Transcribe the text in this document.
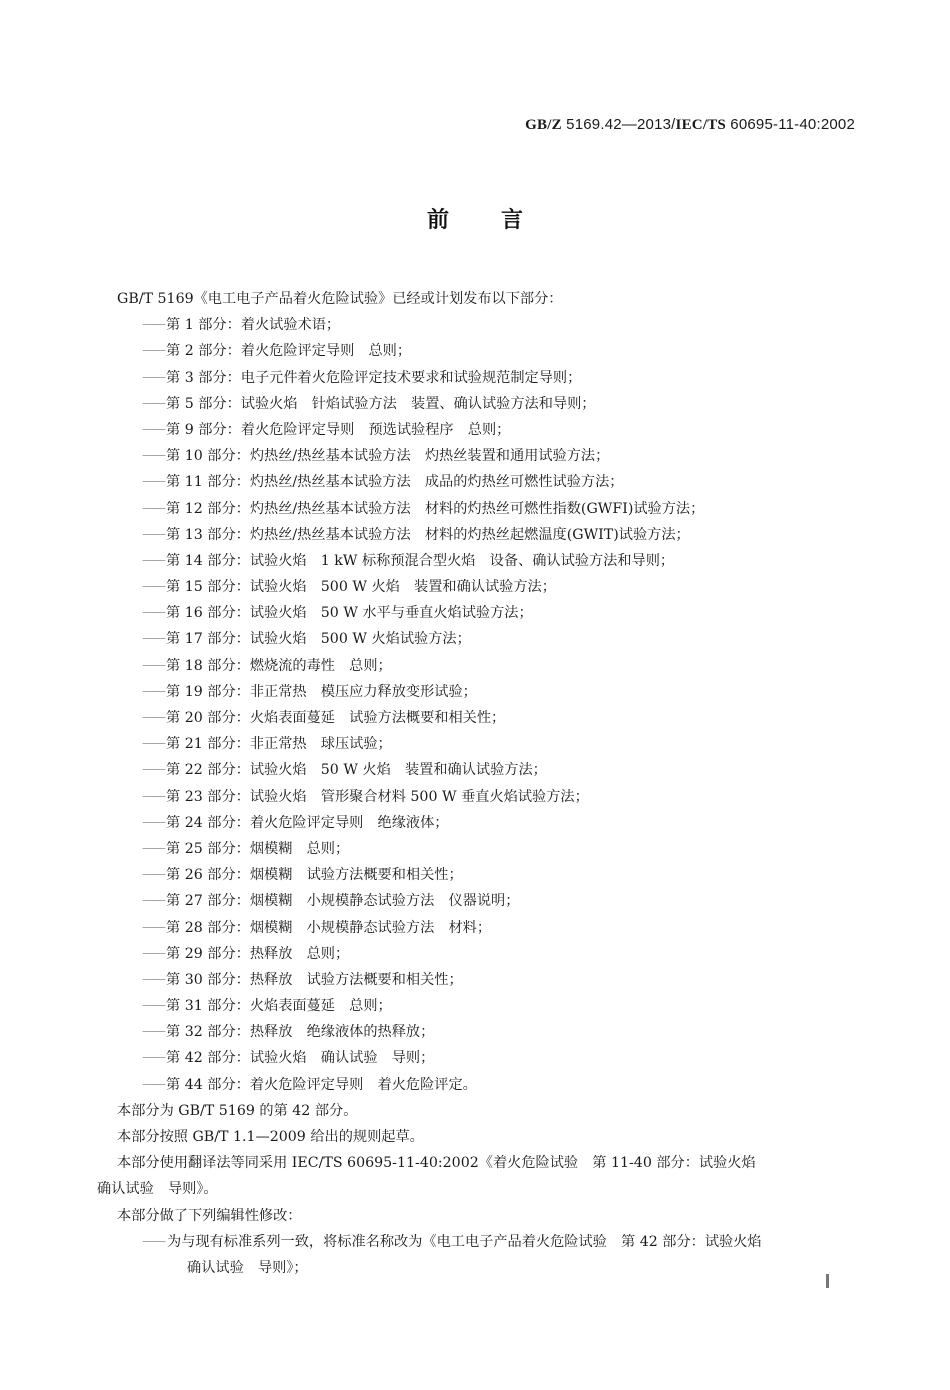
GB/Z 5169.42—2013/IEC/TS 60695-11-40:2002
前言
GB/T 5169《电工电子产品着火危险试验》已经或计划发布以下部分：
—— 第 1 部分：着火试验术语；
—— 第 2 部分：着火危险评定导则　总则；
—— 第 3 部分：电子元件着火危险评定技术要求和试验规范制定导则；
—— 第 5 部分：试验火焰　针焰试验方法　装置、确认试验方法和导则；
—— 第 9 部分：着火危险评定导则　预选试验程序　总则；
—— 第 10 部分：灼热丝/热丝基本试验方法　灼热丝装置和通用试验方法；
—— 第 11 部分：灼热丝/热丝基本试验方法　成品的灼热丝可燃性试验方法；
—— 第 12 部分：灼热丝/热丝基本试验方法　材料的灼热丝可燃性指数(GWFI)试验方法；
—— 第 13 部分：灼热丝/热丝基本试验方法　材料的灼热丝起燃温度(GWIT)试验方法；
—— 第 14 部分：试验火焰　1 kW 标称预混合型火焰　设备、确认试验方法和导则；
—— 第 15 部分：试验火焰　500 W 火焰　装置和确认试验方法；
—— 第 16 部分：试验火焰　50 W 水平与垂直火焰试验方法；
—— 第 17 部分：试验火焰　500 W 火焰试验方法；
—— 第 18 部分：燃烧流的毒性　总则；
—— 第 19 部分：非正常热　模压应力释放变形试验；
—— 第 20 部分：火焰表面蔓延　试验方法概要和相关性；
—— 第 21 部分：非正常热　球压试验；
—— 第 22 部分：试验火焰　50 W 火焰　装置和确认试验方法；
—— 第 23 部分：试验火焰　管形聚合材料 500 W 垂直火焰试验方法；
—— 第 24 部分：着火危险评定导则　绝缘液体；
—— 第 25 部分：烟模糊　总则；
—— 第 26 部分：烟模糊　试验方法概要和相关性；
—— 第 27 部分：烟模糊　小规模静态试验方法　仪器说明；
—— 第 28 部分：烟模糊　小规模静态试验方法　材料；
—— 第 29 部分：热释放　总则；
—— 第 30 部分：热释放　试验方法概要和相关性；
—— 第 31 部分：火焰表面蔓延　总则；
—— 第 32 部分：热释放　绝缘液体的热释放；
—— 第 42 部分：试验火焰　确认试验　导则；
—— 第 44 部分：着火危险评定导则　着火危险评定。
本部分为 GB/T 5169 的第 42 部分。
本部分按照 GB/T 1.1—2009 给出的规则起草。
本部分使用翻译法等同采用 IEC/TS 60695-11-40:2002《着火危险试验　第 11-40 部分：试验火焰
确认试验　导则》。
本部分做了下列编辑性修改：
—— 为与现有标准系列一致，将标准名称改为《电工电子产品着火危险试验　第 42 部分：试验火焰
确认试验　导则》；
